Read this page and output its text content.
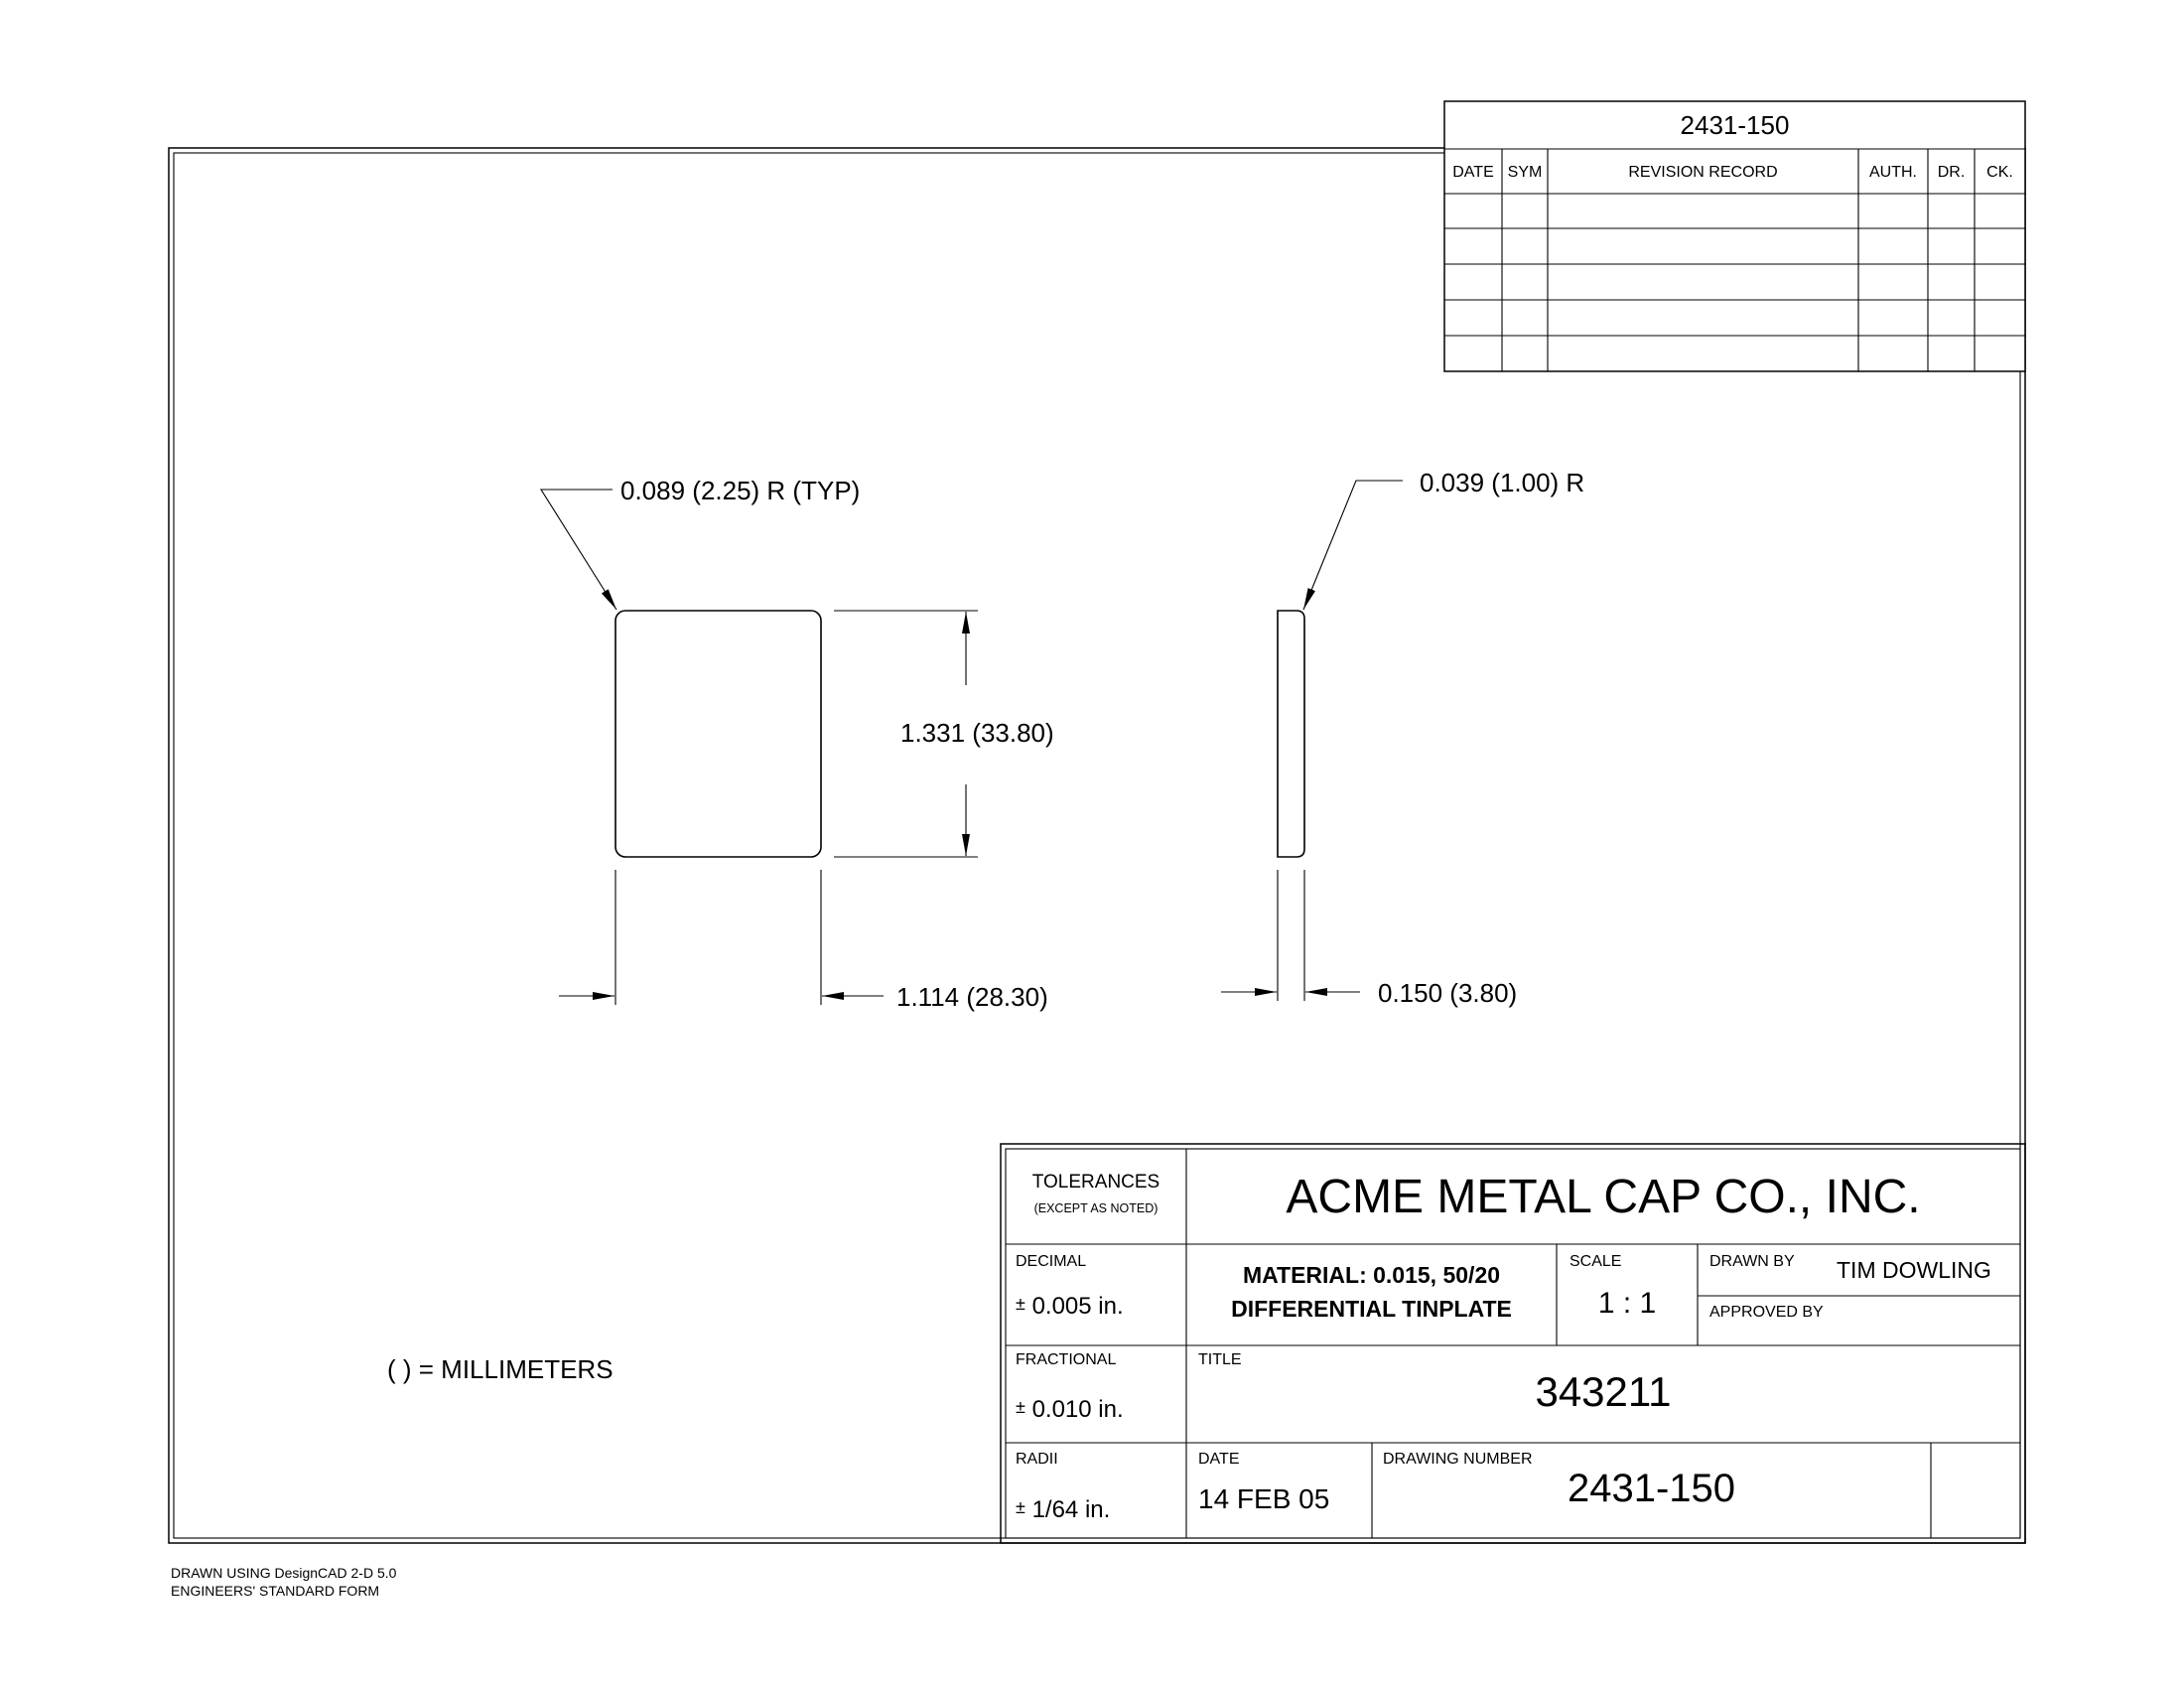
2431-150
DATE SYM	REVISION RECORD	AUTH.	DR.	CK.
0.089 (2.25) R (TYP)
1.331 (33.80)
1.114 (28.30)
0.039 (1.00) R
0.150 (3.80)
( ) = MILLIMETERS
TOLERANCES
(EXCEPT AS NOTED)	ACME METAL CAP CO., INC.
DECIMAL
± 0.005 in.
MATERIAL: 0.015, 50/20
DIFFERENTIAL TINPLATE
SCALE
1 : 1
DRAWN BY TIM DOWLING
APPROVED BY
FRACTIONAL
± 0.010 in.
TITLE
343211
RADII
± 1/64 in.
DATE
14 FEB 05
DRAWING NUMBER
2431-150
DRAWN USING DesignCAD 2-D 5.0
ENGINEERS' STANDARD FORM
